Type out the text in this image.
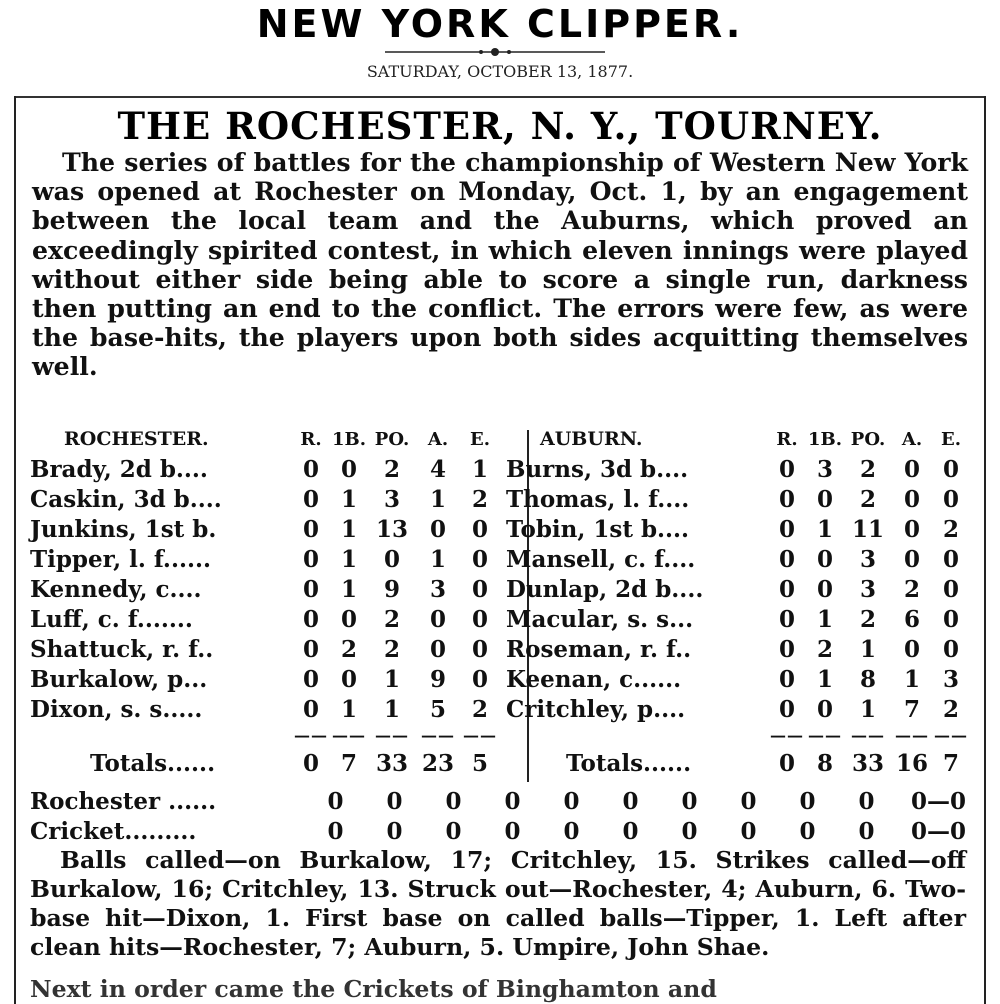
NEW YORK CLIPPER.
SATURDAY, OCTOBER 13, 1877.
THE ROCHESTER, N. Y., TOURNEY.

The series of battles for the championship of Western New York was opened at Rochester on Monday, Oct. 1, by an engagement between the local team and the Auburns, which proved an exceedingly spirited contest, in which eleven innings were played without either side being able to score a single run, darkness then putting an end to the conflict. The errors were few, as were the base-hits, the players upon both sides acquitting themselves well.

ROCHESTER.	R.	1B.	PO.	A.	E.
Brady, 2d b....	0	0	2	4	1
Caskin, 3d b....	0	1	3	1	2
Junkins, 1st b.	0	1	13	0	0
Tipper, l. f......	0	1	0	1	0
Kennedy, c....	0	1	9	3	0
Luff, c. f.......	0	0	2	0	0
Shattuck, r. f..	0	2	2	0	0
Burkalow, p...	0	0	1	9	0
Dixon, s. s.....	0	1	1	5	2
	——	——	——	——	——
Totals......	0	7	33	23	5
AUBURN.	R.	1B.	PO.	A.	E.
Burns, 3d b....	0	3	2	0	0
Thomas, l. f....	0	0	2	0	0
Tobin, 1st b....	0	1	11	0	2
Mansell, c. f....	0	0	3	0	0
Dunlap, 2d b....	0	0	3	2	0
Macular, s. s...	0	1	2	6	0
Roseman, r. f..	0	2	1	0	0
Keenan, c......	0	1	8	1	3
Critchley, p....	0	0	1	7	2
	——	——	——	——	——
Totals......	0	8	33	16	7
Rochester ......	0	0	0	0	0	0	0	0	0	0	0—0
Cricket.........	0	0	0	0	0	0	0	0	0	0	0—0

Balls called—on Burkalow, 17; Critchley, 15. Strikes called—off Burkalow, 16; Critchley, 13. Struck out—Rochester, 4; Auburn, 6. Two-base hit—Dixon, 1. First base on called balls—Tipper, 1. Left after clean hits—Rochester, 7; Auburn, 5. Umpire, John Shae.

Next in order came the Crickets of Binghamton and
